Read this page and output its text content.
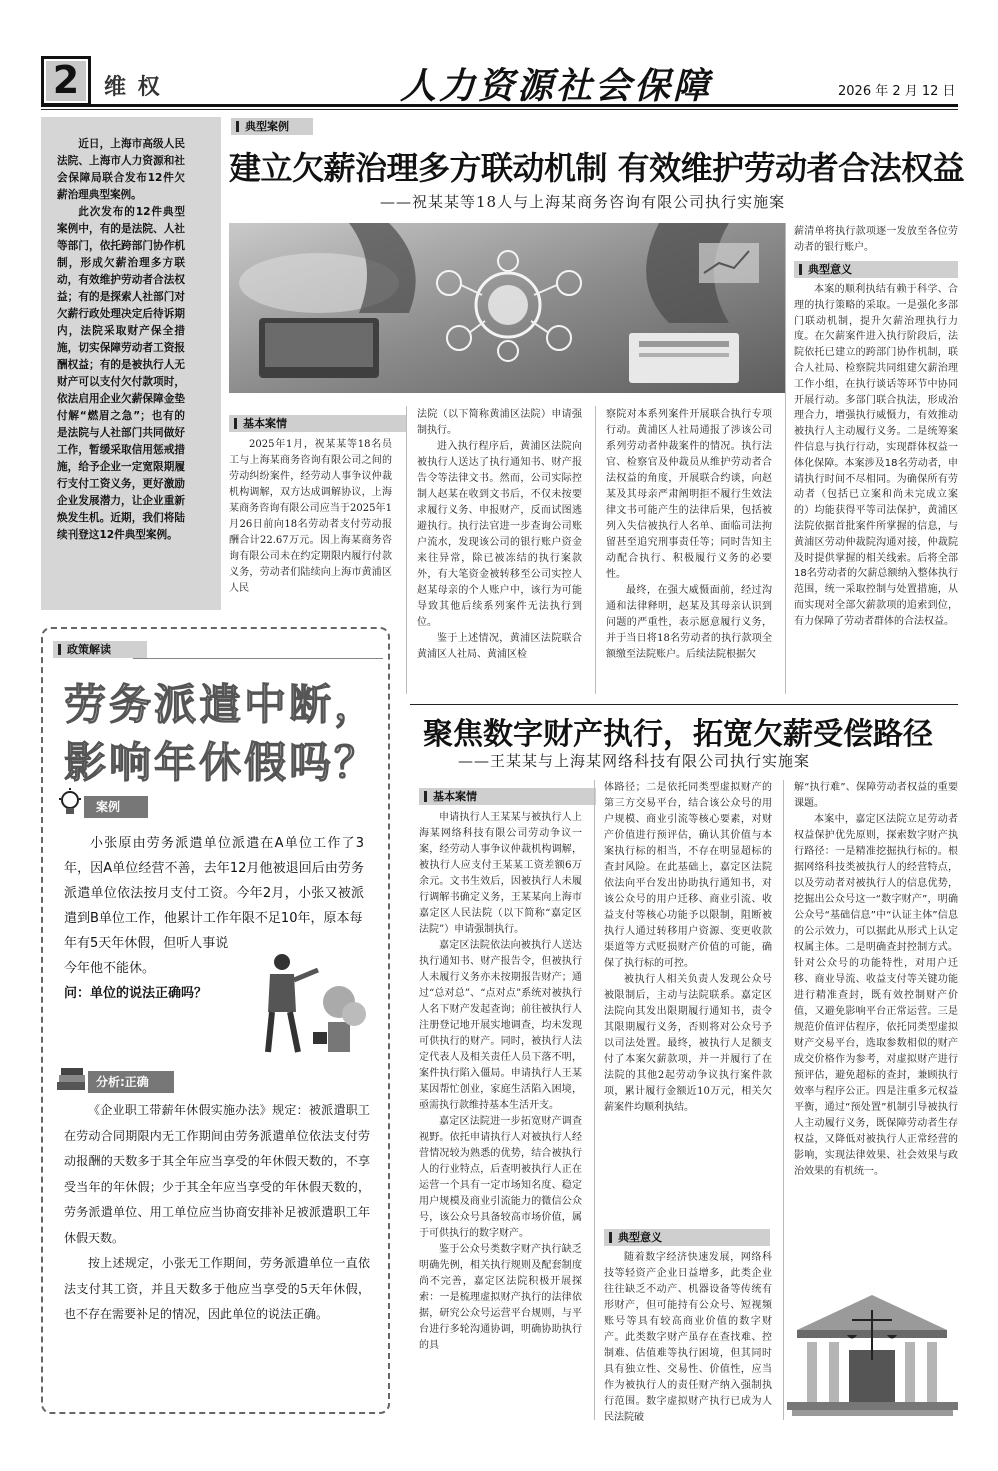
2	维 权	人力资源社会保障	2026 年 2 月 12 日

近日，上海市高级人民法院、上海市人力资源和社会保障局联合发布12件欠薪治理典型案例。

此次发布的12件典型案例中，有的是法院、人社等部门，依托跨部门协作机制，形成欠薪治理多方联动，有效维护劳动者合法权益；有的是探索人社部门对欠薪行政处理决定后待诉期内，法院采取财产保全措施，切实保障劳动者工资报酬权益；有的是被执行人无财产可以支付欠付款项时，依法启用企业欠薪保障金垫付解“燃眉之急”；也有的是法院与人社部门共同做好工作，暂缓采取信用惩戒措施，给予企业一定宽限期履行支付工资义务，更好激励企业发展潜力，让企业重新焕发生机。近期，我们将陆续刊登这12件典型案例。

典型案例
建立欠薪治理多方联动机制 有效维护劳动者合法权益
——祝某某等18人与上海某商务咨询有限公司执行实施案
基本案情

2025年1月，祝某某等18名员工与上海某商务咨询有限公司之间的劳动纠纷案件，经劳动人事争议仲裁机构调解，双方达成调解协议，上海某商务咨询有限公司应当于2025年1月26日前向18名劳动者支付劳动报酬合计22.67万元。因上海某商务咨询有限公司未在约定期限内履行付款义务，劳动者们陆续向上海市黄浦区人民

法院（以下简称黄浦区法院）申请强制执行。

进入执行程序后，黄浦区法院向被执行人送达了执行通知书、财产报告令等法律文书。然而，公司实际控制人赵某在收到文书后，不仅未按要求履行义务、申报财产，反而试图逃避执行。执行法官进一步查询公司账户流水，发现该公司的银行账户资金来往异常，除已被冻结的执行案款外，有大笔资金被转移至公司实控人赵某母亲的个人账户中，该行为可能导致其他后续系列案件无法执行到位。

鉴于上述情况，黄浦区法院联合黄浦区人社局、黄浦区检

察院对本系列案件开展联合执行专项行动。黄浦区人社局通报了涉该公司系列劳动者仲裁案件的情况。执行法官、检察官及仲裁员从维护劳动者合法权益的角度，开展联合约谈，向赵某及其母亲严肃阐明拒不履行生效法律文书可能产生的法律后果，包括被列入失信被执行人名单、面临司法拘留甚至追究刑事责任等；同时告知主动配合执行、积极履行义务的必要性。

最终，在强大威慑面前，经过沟通和法律释明，赵某及其母亲认识到问题的严重性，表示愿意履行义务，并于当日将18名劳动者的执行款项全额缴至法院账户。后续法院根据欠

薪清单将执行款项逐一发放至各位劳动者的银行账户。

典型意义

本案的顺利执结有赖于科学、合理的执行策略的采取。一是强化多部门联动机制，提升欠薪治理执行力度。在欠薪案件进入执行阶段后，法院依托已建立的跨部门协作机制，联合人社局、检察院共同组建欠薪治理工作小组，在执行谈话等环节中协同开展行动。多部门联合执法，形成治理合力，增强执行威慑力，有效推动被执行人主动履行义务。二是统筹案件信息与执行行动，实现群体权益一体化保障。本案涉及18名劳动者，申请执行时间不尽相同。为确保所有劳动者（包括已立案和尚未完成立案的）均能获得平等司法保护，黄浦区法院依据首批案件所掌握的信息，与黄浦区劳动仲裁院沟通对接，仲裁院及时提供掌握的相关线索。后将全部18名劳动者的欠薪总额纳入整体执行范围，统一采取控制与处置措施，从而实现对全部欠薪款项的追索到位，有力保障了劳动者群体的合法权益。

政策解读
劳务派遣中断，
影响年休假吗？
案例

小张原由劳务派遣单位派遣在A单位工作了3年，因A单位经营不善，去年12月他被退回后由劳务派遣单位依法按月支付工资。今年2月，小张又被派遣到B单位工作，他累计工作年限不足10年，原本每

年有5天年休假，但听人事说

今年他不能休。

问：单位的说法正确吗？

分析:正确

《企业职工带薪年休假实施办法》规定：被派遣职工在劳动合同期限内无工作期间由劳务派遣单位依法支付劳动报酬的天数多于其全年应当享受的年休假天数的，不享受当年的年休假；少于其全年应当享受的年休假天数的，劳务派遣单位、用工单位应当协商安排补足被派遣职工年休假天数。

按上述规定，小张无工作期间，劳务派遣单位一直依法支付其工资，并且天数多于他应当享受的5天年休假，也不存在需要补足的情况，因此单位的说法正确。

聚焦数字财产执行，拓宽欠薪受偿路径
——王某某与上海某网络科技有限公司执行实施案
基本案情

申请执行人王某某与被执行人上海某网络科技有限公司劳动争议一案，经劳动人事争议仲裁机构调解，被执行人应支付王某某工资差额6万余元。文书生效后，因被执行人未履行调解书确定义务，王某某向上海市嘉定区人民法院（以下简称“嘉定区法院”）申请强制执行。

嘉定区法院依法向被执行人送达执行通知书、财产报告令，但被执行人未履行义务亦未按期报告财产；通过“总对总”、“点对点”系统对被执行人名下财产发起查询；前往被执行人注册登记地开展实地调查，均未发现可供执行的财产。同时，被执行人法定代表人及相关责任人员下落不明，案件执行陷入僵局。申请执行人王某某因帮忙创业，家庭生活陷入困境，亟需执行款维持基本生活开支。

嘉定区法院进一步拓宽财产调查视野。依托申请执行人对被执行人经营情况较为熟悉的优势，结合被执行人的行业特点，后查明被执行人正在运营一个具有一定市场知名度、稳定用户规模及商业引流能力的微信公众号，该公众号具备较高市场价值，属于可供执行的数字财产。

鉴于公众号类数字财产执行缺乏明确先例，相关执行规则及配套制度尚不完善，嘉定区法院积极开展探索：一是梳理虚拟财产执行的法律依据，研究公众号运营平台规则，与平台进行多轮沟通协调，明确协助执行的具

体路径；二是依托同类型虚拟财产的第三方交易平台，结合该公众号的用户规模、商业引流等核心要素，对财产价值进行预评估，确认其价值与本案执行标的相当，不存在明显超标的查封风险。在此基础上，嘉定区法院依法向平台发出协助执行通知书，对该公众号的用户迁移、商业引流、收益支付等核心功能予以限制，阻断被执行人通过转移用户资源、变更收款渠道等方式贬损财产价值的可能，确保了执行标的可控。

被执行人相关负责人发现公众号被限制后，主动与法院联系。嘉定区法院向其发出限期履行通知书，责令其限期履行义务，否则将对公众号予以司法处置。最终，被执行人足额支付了本案欠薪款项，并一并履行了在法院的其他2起劳动争议执行案件款项，累计履行金额近10万元，相关欠薪案件均顺利执结。

典型意义

随着数字经济快速发展，网络科技等轻资产企业日益增多，此类企业往往缺乏不动产、机器设备等传统有形财产，但可能持有公众号、短视频账号等具有较高商业价值的数字财产。此类数字财产虽存在查找难、控制难、估值难等执行困境，但其同时具有独立性、交易性、价值性，应当作为被执行人的责任财产纳入强制执行范围。数字虚拟财产执行已成为人民法院破

解“执行难”、保障劳动者权益的重要课题。

本案中，嘉定区法院立足劳动者权益保护优先原则，探索数字财产执行路径：一是精准挖掘执行标的。根据网络科技类被执行人的经营特点，以及劳动者对被执行人的信息优势，挖掘出公众号这一“数字财产”，明确公众号“基础信息”中“认证主体”信息的公示效力，可以据此从形式上认定权属主体。二是明确查封控制方式。针对公众号的功能特性，对用户迁移、商业导流、收益支付等关键功能进行精准查封，既有效控制财产价值，又避免影响平台正常运营。三是规范价值评估程序，依托同类型虚拟财产交易平台，选取参数相似的财产成交价格作为参考，对虚拟财产进行预评估，避免超标的查封，兼顾执行效率与程序公正。四是注重多元权益平衡，通过“预处置”机制引导被执行人主动履行义务，既保障劳动者生存权益，又降低对被执行人正常经营的影响，实现法律效果、社会效果与政治效果的有机统一。
